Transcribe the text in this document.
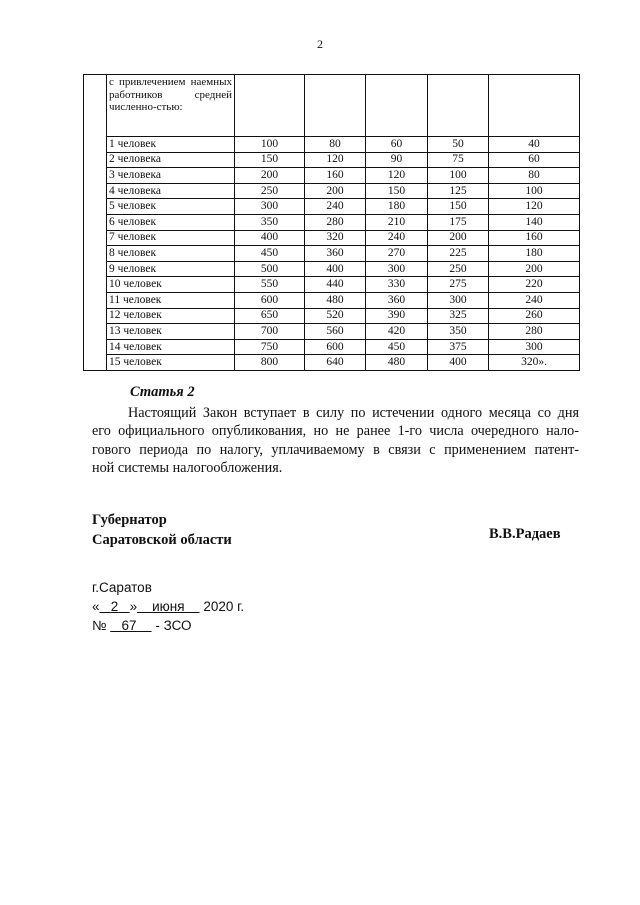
2

	с привлечением наемных работников средней численно-стью:					

	1 человек	100	80	60	50	40
	2 человека	150	120	90	75	60
	3 человека	200	160	120	100	80
	4 человека	250	200	150	125	100
	5 человек	300	240	180	150	120
	6 человек	350	280	210	175	140
	7 человек	400	320	240	200	160
	8 человек	450	360	270	225	180
	9 человек	500	400	300	250	200
	10 человек	550	440	330	275	220
	11 человек	600	480	360	300	240
	12 человек	650	520	390	325	260
	13 человек	700	560	420	350	280
	14 человек	750	600	450	375	300
	15 человек	800	640	480	400	320».
Статья 2
Настоящий Закон вступает в силу по истечении одного месяца со дня
его официального опубликования, но не ранее 1-го числа очередного нало-
гового периода по налогу, уплачиваемому в связи с применением патент-
ной системы налогообложения.
Губернатор
Саратовской области	В.В.Радаев
г.Саратов
« 2 » июня 2020 г.
№ 67 - ЗСО
